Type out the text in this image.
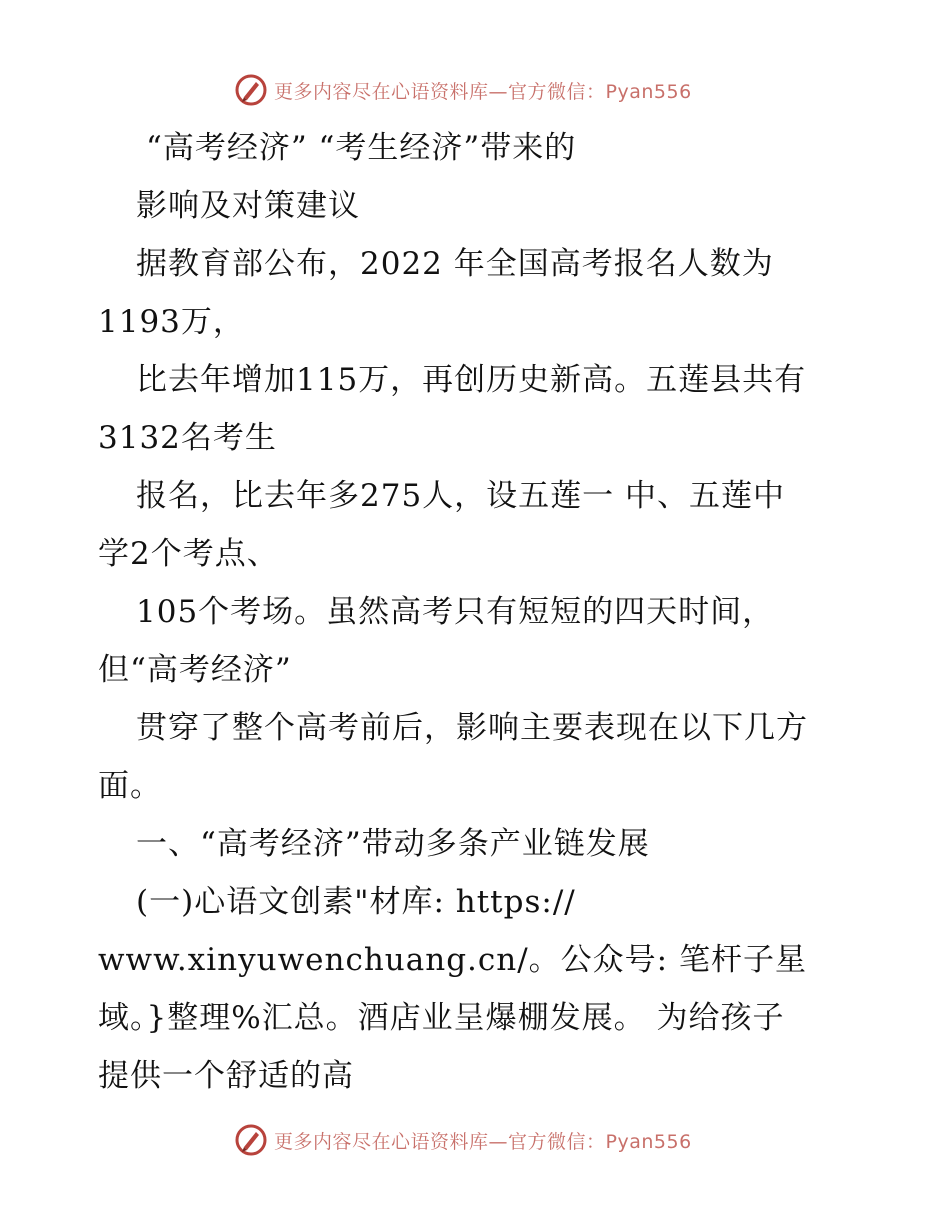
更多内容尽在心语资料库—官方微信：Pyan556
“高考经济” “考生经济”带来的
影响及对策建议
据教育部公布，2022 年全国高考报名人数为
1193万，
比去年增加115万，再创历史新高。五莲县共有
3132名考生
报名，比去年多275人，设五莲一 中、五莲中
学2个考点、
105个考场。虽然高考只有短短的四天时间，
但“高考经济”
贯穿了整个高考前后，影响主要表现在以下几方
面。
一、“高考经济”带动多条产业链发展
(一)心语文创素"材库: https://
www.xinyuwenchuang.cn/。公众号: 笔杆子星
域。}整理%汇总。酒店业呈爆棚发展。 为给孩子
提供一个舒适的高
更多内容尽在心语资料库—官方微信：Pyan556
